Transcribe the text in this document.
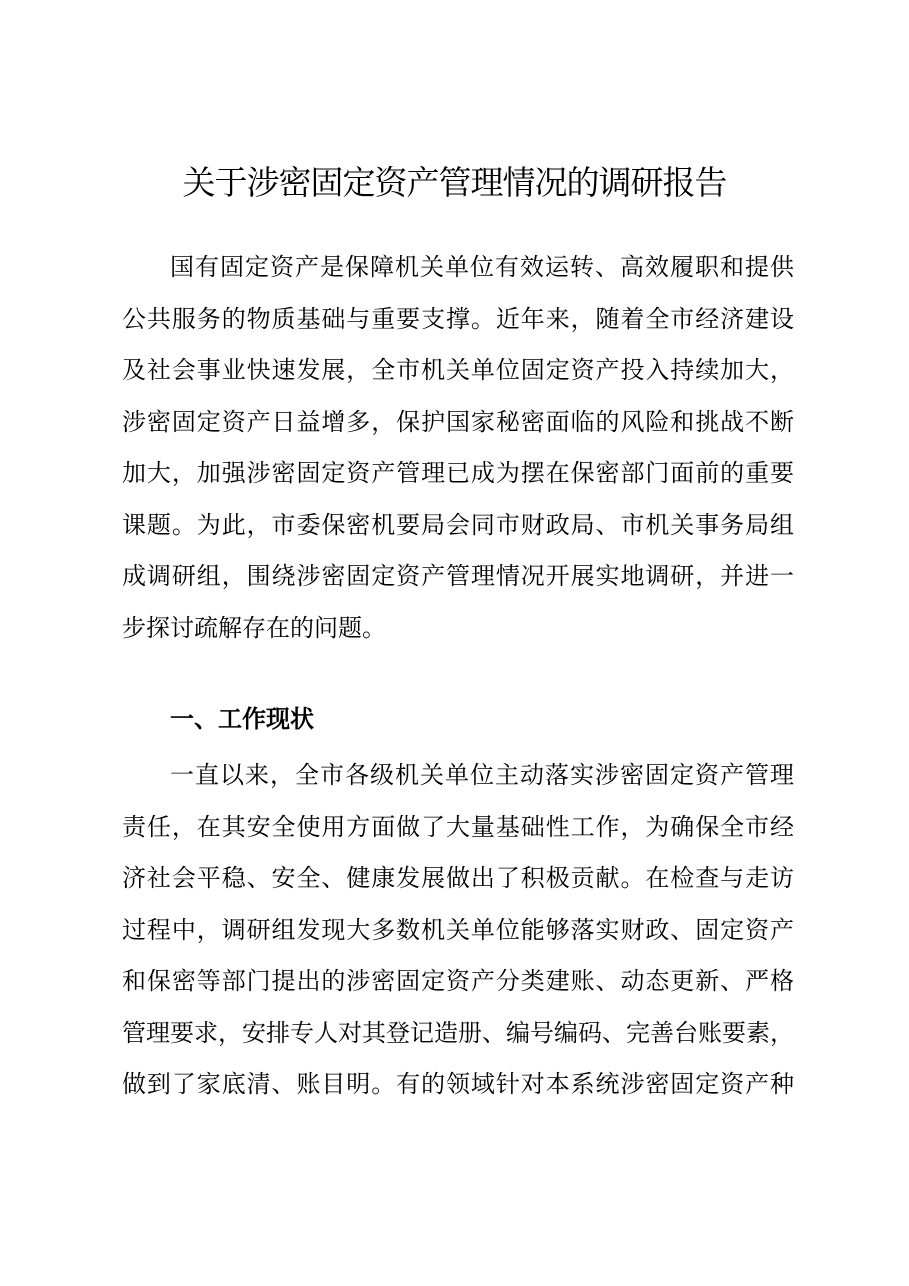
关于涉密固定资产管理情况的调研报告
国有固定资产是保障机关单位有效运转、高效履职和提供
公共服务的物质基础与重要支撑。近年来，随着全市经济建设
及社会事业快速发展，全市机关单位固定资产投入持续加大，
涉密固定资产日益增多，保护国家秘密面临的风险和挑战不断
加大，加强涉密固定资产管理已成为摆在保密部门面前的重要
课题。为此，市委保密机要局会同市财政局、市机关事务局组
成调研组，围绕涉密固定资产管理情况开展实地调研，并进一
步探讨疏解存在的问题。
一、工作现状
一直以来，全市各级机关单位主动落实涉密固定资产管理
责任，在其安全使用方面做了大量基础性工作，为确保全市经
济社会平稳、安全、健康发展做出了积极贡献。在检查与走访
过程中，调研组发现大多数机关单位能够落实财政、固定资产
和保密等部门提出的涉密固定资产分类建账、动态更新、严格
管理要求，安排专人对其登记造册、编号编码、完善台账要素，
做到了家底清、账目明。有的领域针对本系统涉密固定资产种
